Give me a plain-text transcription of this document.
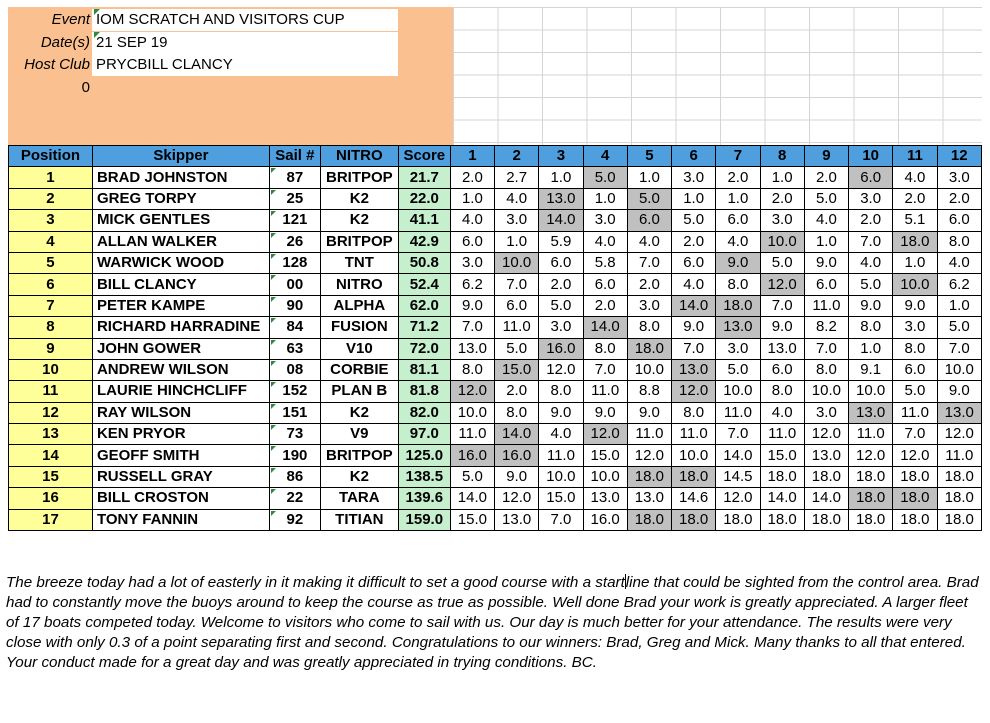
Event IOM SCRATCH AND VISITORS CUP
Date(s) 21 SEP 19
Host Club PRYCBILL CLANCY
0
Position	Skipper	Sail #	NITRO	Score	1	2	3	4	5	6	7	8	9	10	11	12
1	BRAD JOHNSTON	87	BRITPOP	21.7	2.0	2.7	1.0	5.0	1.0	3.0	2.0	1.0	2.0	6.0	4.0	3.0
2	GREG TORPY	25	K2	22.0	1.0	4.0	13.0	1.0	5.0	1.0	1.0	2.0	5.0	3.0	2.0	2.0
3	MICK GENTLES	121	K2	41.1	4.0	3.0	14.0	3.0	6.0	5.0	6.0	3.0	4.0	2.0	5.1	6.0
4	ALLAN WALKER	26	BRITPOP	42.9	6.0	1.0	5.9	4.0	4.0	2.0	4.0	10.0	1.0	7.0	18.0	8.0
5	WARWICK WOOD	128	TNT	50.8	3.0	10.0	6.0	5.8	7.0	6.0	9.0	5.0	9.0	4.0	1.0	4.0
6	BILL CLANCY	00	NITRO	52.4	6.2	7.0	2.0	6.0	2.0	4.0	8.0	12.0	6.0	5.0	10.0	6.2
7	PETER KAMPE	90	ALPHA	62.0	9.0	6.0	5.0	2.0	3.0	14.0	18.0	7.0	11.0	9.0	9.0	1.0
8	RICHARD HARRADINE	84	FUSION	71.2	7.0	11.0	3.0	14.0	8.0	9.0	13.0	9.0	8.2	8.0	3.0	5.0
9	JOHN GOWER	63	V10	72.0	13.0	5.0	16.0	8.0	18.0	7.0	3.0	13.0	7.0	1.0	8.0	7.0
10	ANDREW WILSON	08	CORBIE	81.1	8.0	15.0	12.0	7.0	10.0	13.0	5.0	6.0	8.0	9.1	6.0	10.0
11	LAURIE HINCHCLIFF	152	PLAN B	81.8	12.0	2.0	8.0	11.0	8.8	12.0	10.0	8.0	10.0	10.0	5.0	9.0
12	RAY WILSON	151	K2	82.0	10.0	8.0	9.0	9.0	9.0	8.0	11.0	4.0	3.0	13.0	11.0	13.0
13	KEN PRYOR	73	V9	97.0	11.0	14.0	4.0	12.0	11.0	11.0	7.0	11.0	12.0	11.0	7.0	12.0
14	GEOFF SMITH	190	BRITPOP	125.0	16.0	16.0	11.0	15.0	12.0	10.0	14.0	15.0	13.0	12.0	12.0	11.0
15	RUSSELL GRAY	86	K2	138.5	5.0	9.0	10.0	10.0	18.0	18.0	14.5	18.0	18.0	18.0	18.0	18.0
16	BILL CROSTON	22	TARA	139.6	14.0	12.0	15.0	13.0	13.0	14.6	12.0	14.0	14.0	18.0	18.0	18.0
17	TONY FANNIN	92	TITIAN	159.0	15.0	13.0	7.0	16.0	18.0	18.0	18.0	18.0	18.0	18.0	18.0	18.0
The breeze today had a lot of easterly in it making it difficult to set a good course with a startline that could be sighted from the control area. Brad had to constantly move the buoys around to keep the course as true as possible. Well done Brad your work is greatly appreciated. A larger fleet of 17 boats competed today. Welcome to visitors who come to sail with us. Our day is much better for your attendance. The results were very close with only 0.3 of a point separating first and second. Congratulations to our winners: Brad, Greg and Mick. Many thanks to all that entered. Your conduct made for a great day and was greatly appreciated in trying conditions. BC.
